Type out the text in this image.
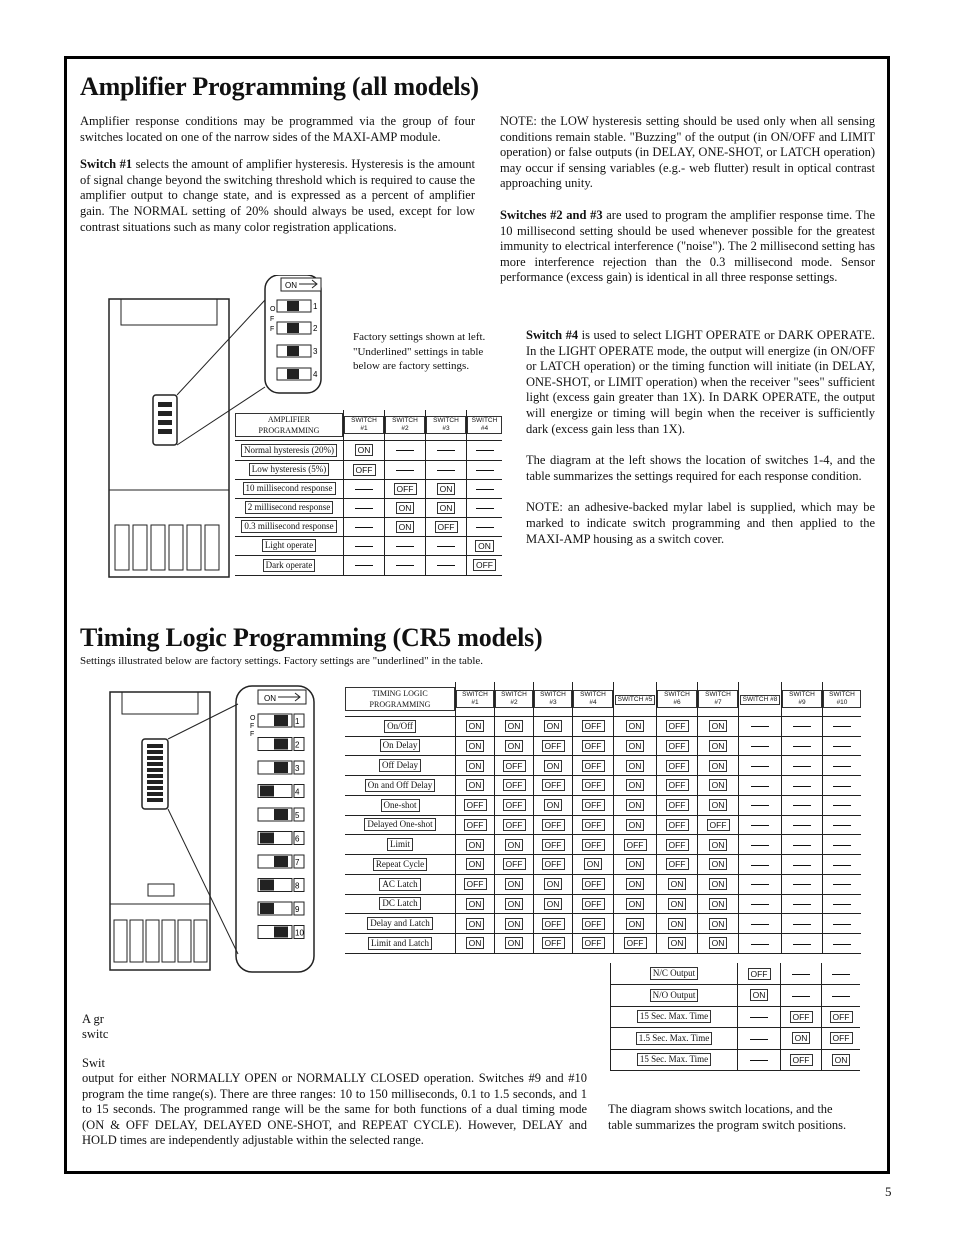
Amplifier Programming (all models)

Amplifier response conditions may be programmed via the group of four switches located on one of the narrow sides of the MAXI-AMP module.

Switch #1 selects the amount of amplifier hysteresis. Hysteresis is the amount of signal change beyond the switching threshold which is required to cause the amplifier output to change state, and is expressed as a percent of amplifier gain. The NORMAL setting of 20% should always be used, except for low contrast situations such as many color registration applications.

NOTE: the LOW hysteresis setting should be used only when all sensing conditions remain stable. "Buzzing" of the output (in ON/OFF and LIMIT operation) or false outputs (in DELAY, ONE-SHOT, or LATCH operation) may occur if sensing variables (e.g.- web flutter) result in optical contrast approaching unity.

Switches #2 and #3 are used to program the amplifier response time. The 10 millisecond setting should be used whenever possible for the greatest immunity to electrical interference ("noise"). The 2 millisecond setting has more interference rejection than the 0.3 millisecond mode. Sensor performance (excess gain) is identical in all three response settings.

Switch #4 is used to select LIGHT OPERATE or DARK OPERATE. In the LIGHT OPERATE mode, the output will energize (in ON/OFF or LATCH operation) or the timing function will initiate (in DELAY, ONE-SHOT, or LIMIT operation) when the receiver "sees" sufficient light (excess gain greater than 1X). In DARK OPERATE, the output will energize or timing will begin when the receiver is sufficiently dark (excess gain less than 1X).

The diagram at the left shows the location of switches 1-4, and the table summarizes the settings required for each response condition.

NOTE: an adhesive-backed mylar label is supplied, which may be marked to indicate switch programming and then applied to the MAXI-AMP housing as a switch cover.

Factory settings shown at left. "Underlined" settings in table below are factory settings.
ON
O
F
F
1
2
3
4
AMPLIFIER PROGRAMMING	SWITCH #1	SWITCH #2	SWITCH #3	SWITCH #4
Normal hysteresis (20%)	ON			
Low hysteresis (5%)	OFF			
10 millisecond response		OFF	ON	
2 millisecond response		ON	ON	
0.3 millisecond response		ON	OFF	
Light operate				ON
Dark operate				OFF
Timing Logic Programming (CR5 models)
Settings illustrated below are factory settings. Factory settings are "underlined" in the table.
ON
O
F
F
1
2
3
4
5
6
7
8
9
10
TIMING LOGIC PROGRAMMING	SWITCH #1	SWITCH #2	SWITCH #3	SWITCH #4	SWITCH #5	SWITCH #6	SWITCH #7	SWITCH #8	SWITCH #9	SWITCH #10
On/Off	ON	ON	ON	OFF	ON	OFF	ON			
On Delay	ON	ON	OFF	OFF	ON	OFF	ON			
Off Delay	ON	OFF	ON	OFF	ON	OFF	ON			
On and Off Delay	ON	OFF	OFF	OFF	ON	OFF	ON			
One-shot	OFF	OFF	ON	OFF	ON	OFF	ON			
Delayed One-shot	OFF	OFF	OFF	OFF	ON	OFF	OFF			
Limit	ON	ON	OFF	OFF	OFF	OFF	ON			
Repeat Cycle	ON	OFF	OFF	ON	ON	OFF	ON			
AC Latch	OFF	ON	ON	OFF	ON	ON	ON			
DC Latch	ON	ON	ON	OFF	ON	ON	ON			
Delay and Latch	ON	ON	OFF	OFF	ON	ON	ON			
Limit and Latch	ON	ON	OFF	OFF	OFF	ON	ON			
N/C Output	OFF		
N/O Output	ON		
15 Sec. Max. Time		OFF	OFF
1.5 Sec. Max. Time		ON	OFF
15 Sec. Max. Time		OFF	ON
A gr
switc
Swit
output for either NORMALLY OPEN or NORMALLY CLOSED operation. Switches #9 and #10 program the time range(s). There are three ranges: 10 to 150 milliseconds, 0.1 to 1.5 seconds, and 1 to 15 seconds. The programmed range will be the same for both functions of a dual timing mode (ON & OFF DELAY, DELAYED ONE-SHOT, and REPEAT CYCLE). However, DELAY and HOLD times are independently adjustable within the selected range.
The diagram shows switch locations, and the table summarizes the program switch positions.
5
